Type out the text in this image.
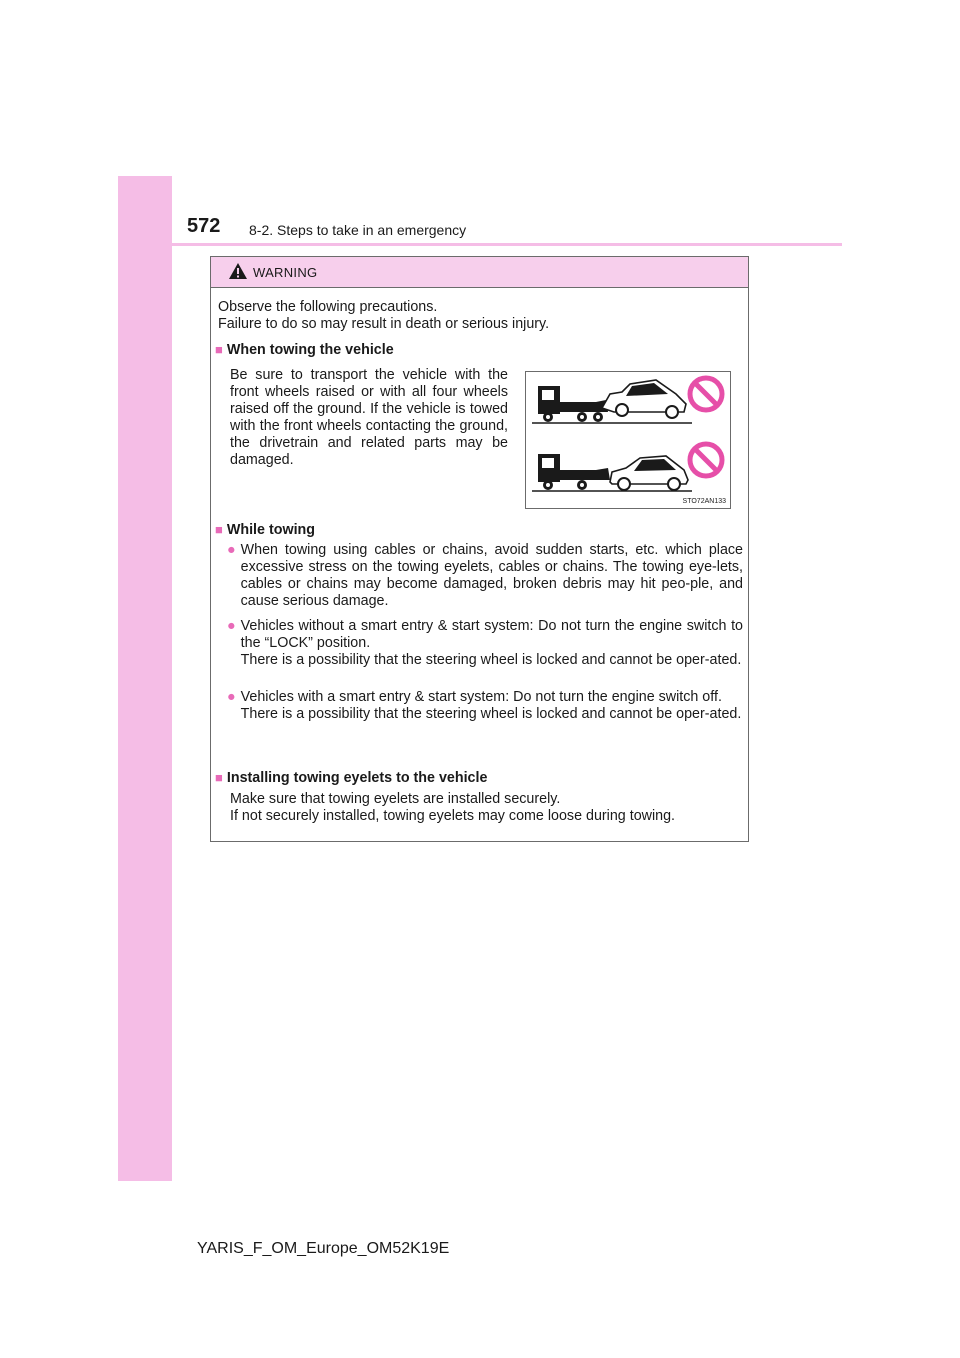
572 8-2. Steps to take in an emergency
WARNING
Observe the following precautions.
Failure to do so may result in death or serious injury.
■ When towing the vehicle
Be sure to transport the vehicle with the front wheels raised or with all four wheels raised off the ground. If the vehicle is towed with the front wheels contacting the ground, the drivetrain and related parts may be damaged.
STO72AN133
■ While towing
● When towing using cables or chains, avoid sudden starts, etc. which place excessive stress on the towing eyelets, cables or chains. The towing eye-lets, cables or chains may become damaged, broken debris may hit peo-ple, and cause serious damage.
● Vehicles without a smart entry & start system: Do not turn the engine switch to the “LOCK” position.
There is a possibility that the steering wheel is locked and cannot be oper-ated.
● Vehicles with a smart entry & start system: Do not turn the engine switch off.
There is a possibility that the steering wheel is locked and cannot be oper-ated.
■ Installing towing eyelets to the vehicle
Make sure that towing eyelets are installed securely.
If not securely installed, towing eyelets may come loose during towing.
YARIS_F_OM_Europe_OM52K19E
